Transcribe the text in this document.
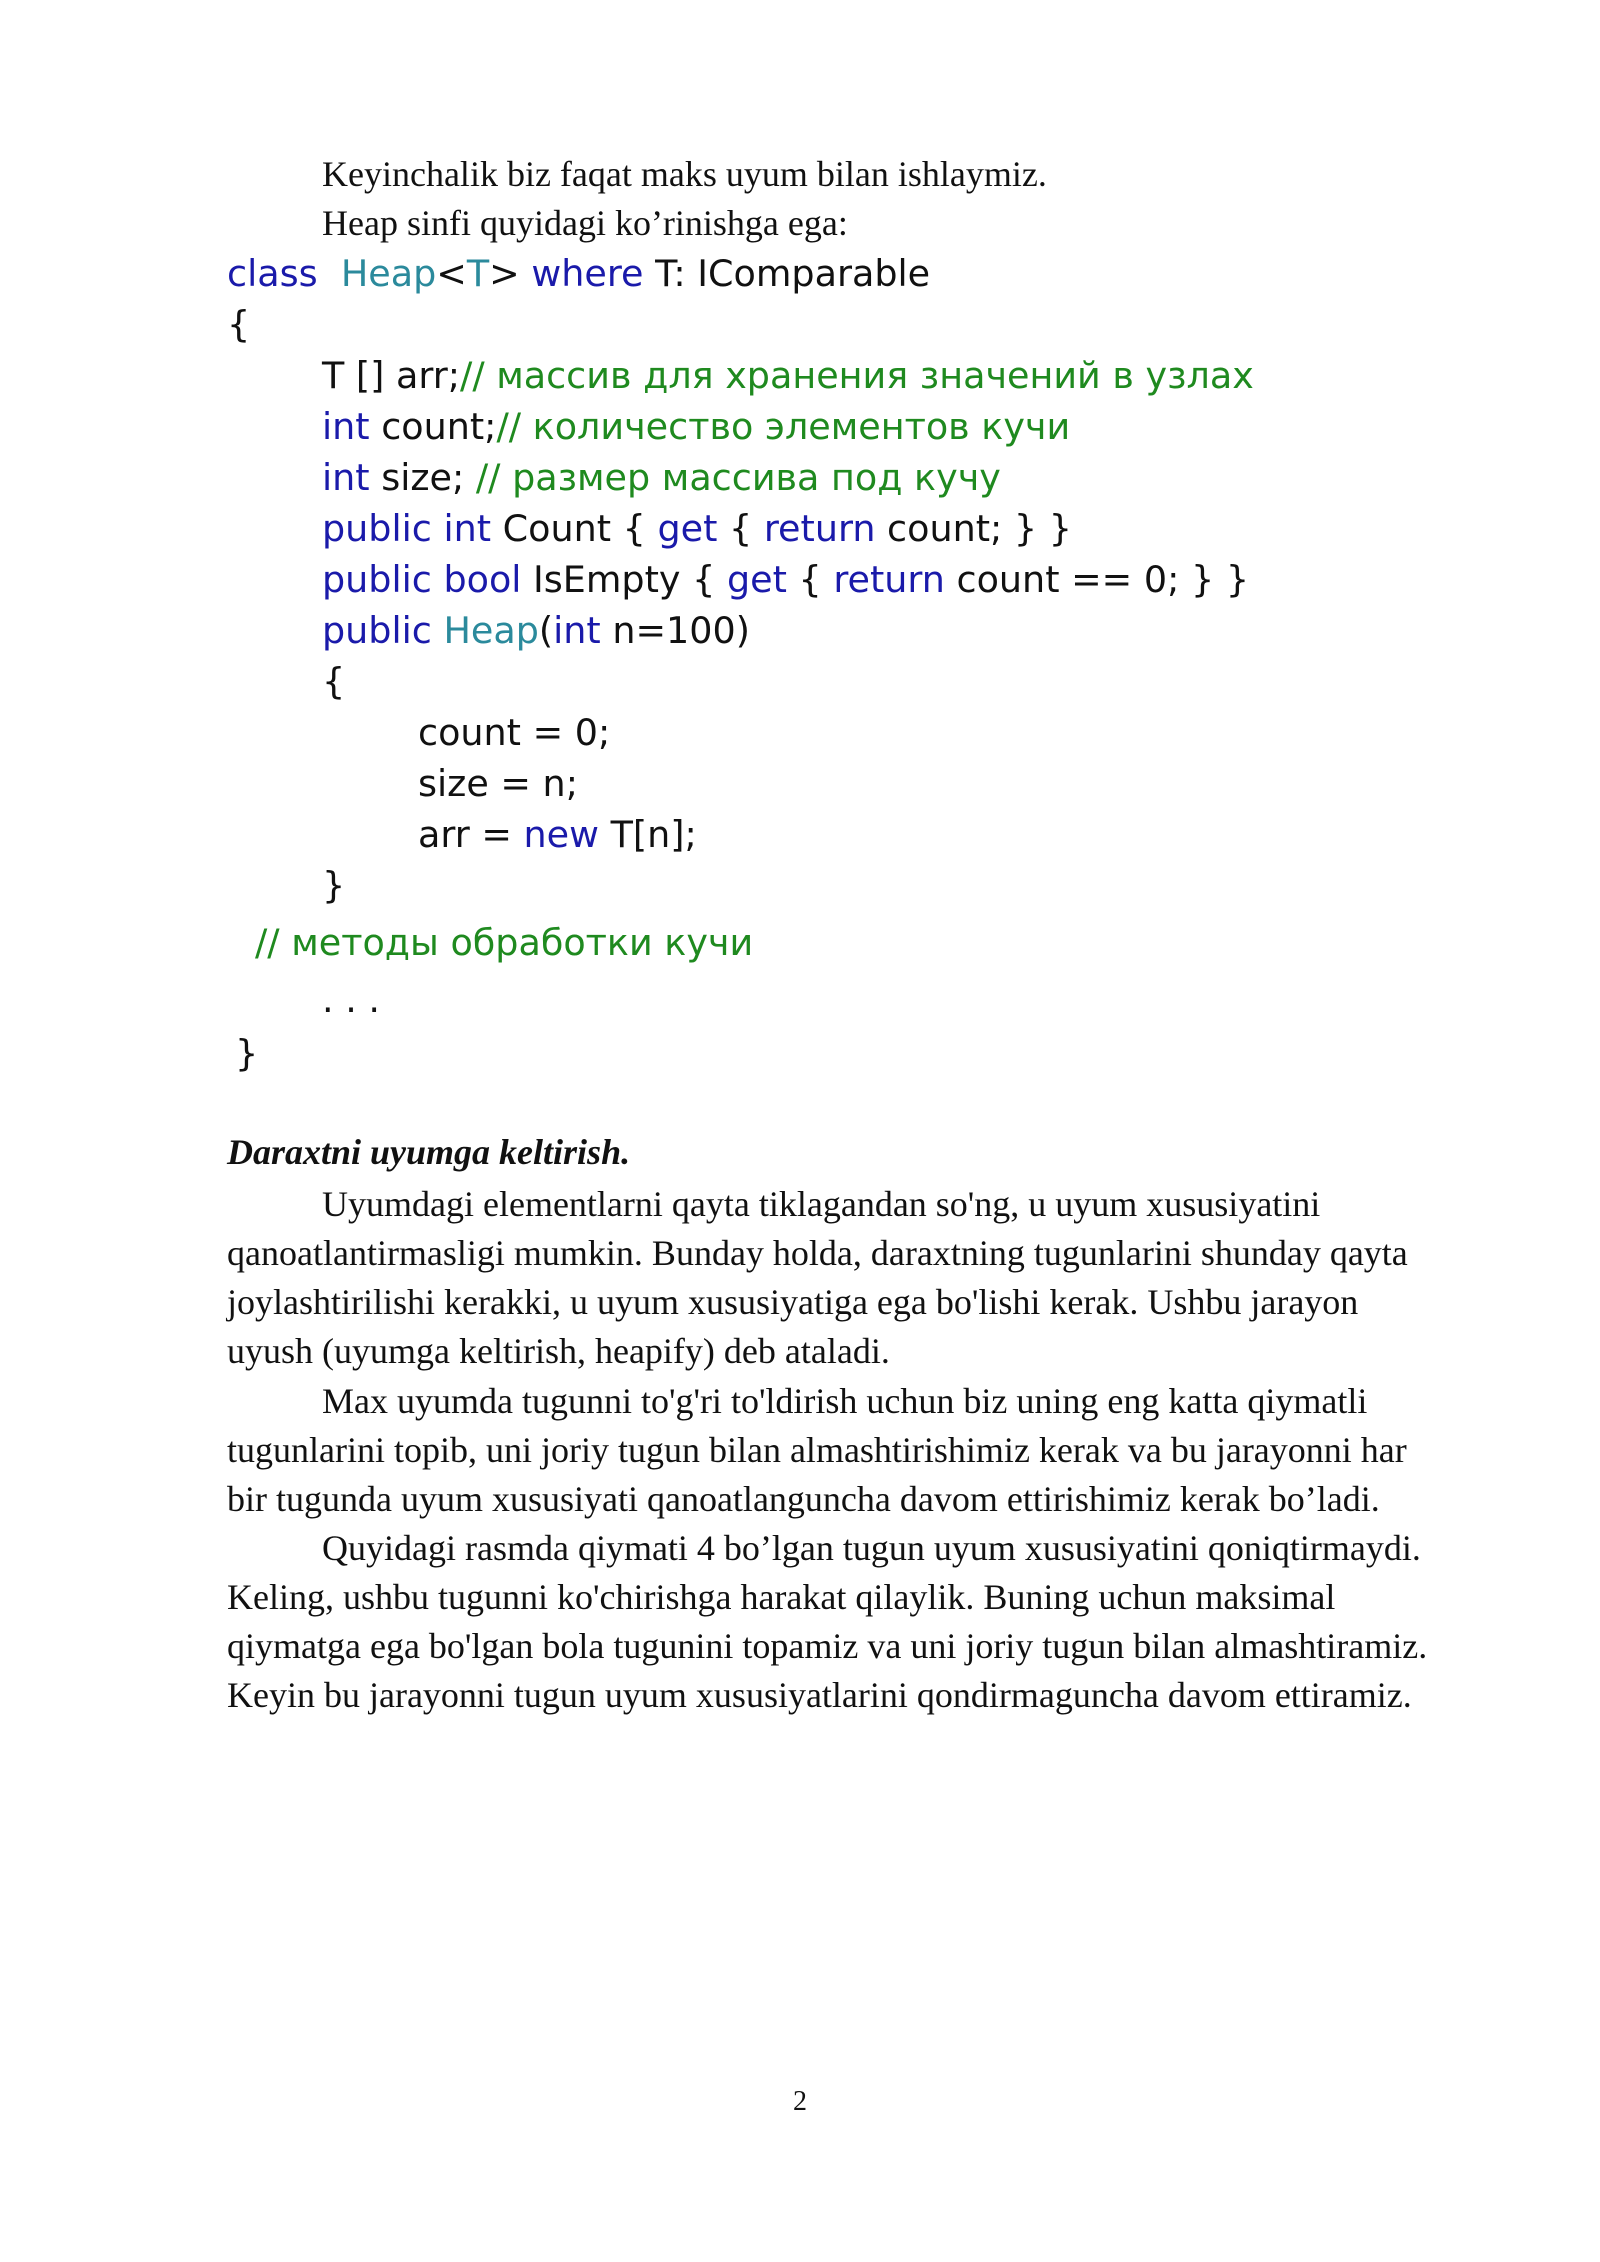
Keyinchalik biz faqat maks uyum bilan ishlaymiz.
Heap sinfi quyidagi ko’rinishga ega:
class Heap<T> where T: IComparable
{
T [] arr;// массив для хранения значений в узлах
int count;// количество элементов кучи
int size; // размер массива под кучу
public int Count { get { return count; } }
public bool IsEmpty { get { return count == 0; } }
public Heap(int n=100)
{
count = 0;
size = n;
arr = new T[n];
}
// методы обработки кучи
. . .
}
Daraxtni uyumga keltirish.
Uyumdagi elementlarni qayta tiklagandan so'ng, u uyum xususiyatini
qanoatlantirmasligi mumkin. Bunday holda, daraxtning tugunlarini shunday qayta
joylashtirilishi kerakki, u uyum xususiyatiga ega bo'lishi kerak. Ushbu jarayon
uyush (uyumga keltirish, heapify) deb ataladi.
Max uyumda tugunni to'g'ri to'ldirish uchun biz uning eng katta qiymatli
tugunlarini topib, uni joriy tugun bilan almashtirishimiz kerak va bu jarayonni har
bir tugunda uyum xususiyati qanoatlanguncha davom ettirishimiz kerak bo’ladi.
Quyidagi rasmda qiymati 4 bo’lgan tugun uyum xususiyatini qoniqtirmaydi.
Keling, ushbu tugunni ko'chirishga harakat qilaylik. Buning uchun maksimal
qiymatga ega bo'lgan bola tugunini topamiz va uni joriy tugun bilan almashtiramiz.
Keyin bu jarayonni tugun uyum xususiyatlarini qondirmaguncha davom ettiramiz.
2
